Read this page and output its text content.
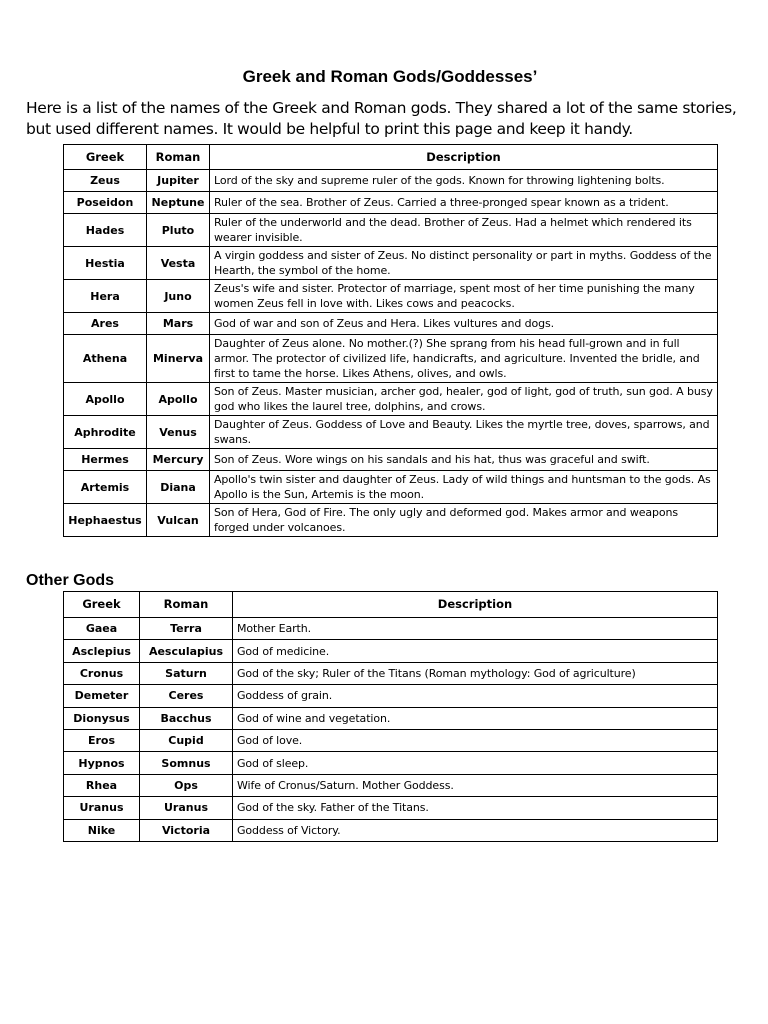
Greek and Roman Gods/Goddesses’
Here is a list of the names of the Greek and Roman gods. They shared a lot of the same stories, but used different names. It would be helpful to print this page and keep it handy.
Greek	Roman	Description
Zeus	Jupiter	Lord of the sky and supreme ruler of the gods. Known for throwing lightening bolts.
Poseidon	Neptune	Ruler of the sea. Brother of Zeus. Carried a three-pronged spear known as a trident.
Hades	Pluto	Ruler of the underworld and the dead. Brother of Zeus. Had a helmet which rendered its wearer invisible.
Hestia	Vesta	A virgin goddess and sister of Zeus. No distinct personality or part in myths. Goddess of the Hearth, the symbol of the home.
Hera	Juno	Zeus's wife and sister. Protector of marriage, spent most of her time punishing the many women Zeus fell in love with. Likes cows and peacocks.
Ares	Mars	God of war and son of Zeus and Hera. Likes vultures and dogs.
Athena	Minerva	Daughter of Zeus alone. No mother.(?) She sprang from his head full-grown and in full armor. The protector of civilized life, handicrafts, and agriculture. Invented the bridle, and first to tame the horse. Likes Athens, olives, and owls.
Apollo	Apollo	Son of Zeus. Master musician, archer god, healer, god of light, god of truth, sun god. A busy god who likes the laurel tree, dolphins, and crows.
Aphrodite	Venus	Daughter of Zeus. Goddess of Love and Beauty. Likes the myrtle tree, doves, sparrows, and swans.
Hermes	Mercury	Son of Zeus. Wore wings on his sandals and his hat, thus was graceful and swift.
Artemis	Diana	Apollo's twin sister and daughter of Zeus. Lady of wild things and huntsman to the gods. As Apollo is the Sun, Artemis is the moon.
Hephaestus	Vulcan	Son of Hera, God of Fire. The only ugly and deformed god. Makes armor and weapons forged under volcanoes.
Other Gods
Greek	Roman	Description
Gaea	Terra	Mother Earth.
Asclepius	Aesculapius	God of medicine.
Cronus	Saturn	God of the sky; Ruler of the Titans (Roman mythology: God of agriculture)
Demeter	Ceres	Goddess of grain.
Dionysus	Bacchus	God of wine and vegetation.
Eros	Cupid	God of love.
Hypnos	Somnus	God of sleep.
Rhea	Ops	Wife of Cronus/Saturn. Mother Goddess.
Uranus	Uranus	God of the sky. Father of the Titans.
Nike	Victoria	Goddess of Victory.
